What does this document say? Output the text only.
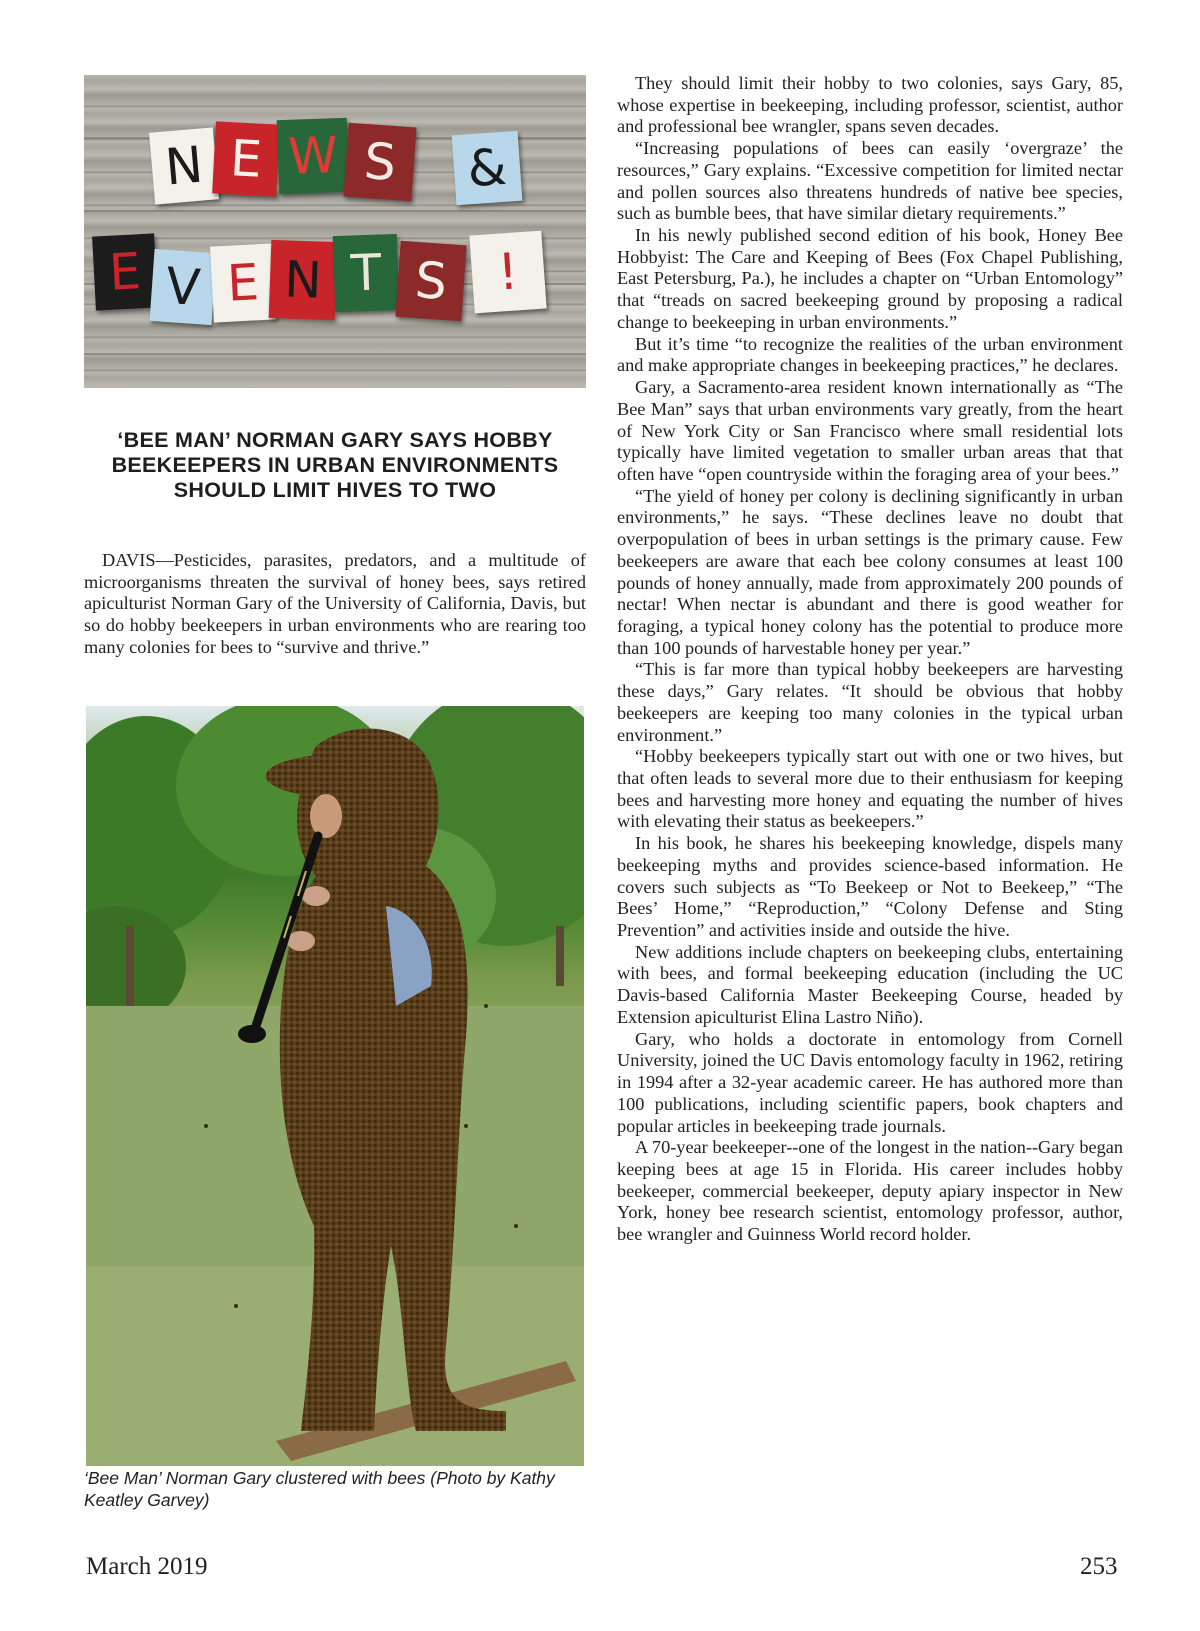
N E W S	&
E V E N T S !
‘BEE MAN’ NORMAN GARY SAYS HOBBY BEEKEEPERS IN URBAN ENVIRONMENTS SHOULD LIMIT HIVES TO TWO

DAVIS—Pesticides, parasites, predators, and a multitude of microorganisms threaten the survival of honey bees, says retired apiculturist Norman Gary of the University of California, Davis, but so do hobby beekeepers in urban environments who are rearing too many colonies for bees to “survive and thrive.”

‘Bee Man’ Norman Gary clustered with bees (Photo by Kathy Keatley Garvey)

They should limit their hobby to two colonies, says Gary, 85, whose expertise in beekeeping, including professor, scientist, author and professional bee wrangler, spans seven decades.

“Increasing populations of bees can easily ‘overgraze’ the resources,” Gary explains. “Excessive competition for limited nectar and pollen sources also threatens hundreds of native bee species, such as bumble bees, that have similar dietary requirements.”

In his newly published second edition of his book, Honey Bee Hobbyist: The Care and Keeping of Bees (Fox Chapel Publishing, East Petersburg, Pa.), he includes a chapter on “Urban Entomology” that “treads on sacred beekeeping ground by proposing a radical change to beekeeping in urban environments.”

But it’s time “to recognize the realities of the urban environment and make appropriate changes in beekeeping practices,” he declares.

Gary, a Sacramento-area resident known internationally as “The Bee Man” says that urban environments vary greatly, from the heart of New York City or San Francisco where small residential lots typically have limited vegetation to smaller urban areas that that often have “open countryside within the foraging area of your bees.”

“The yield of honey per colony is declining significantly in urban environments,” he says. “These declines leave no doubt that overpopulation of bees in urban settings is the primary cause. Few beekeepers are aware that each bee colony consumes at least 100 pounds of honey annually, made from approximately 200 pounds of nectar! When nectar is abundant and there is good weather for foraging, a typical honey colony has the potential to produce more than 100 pounds of harvestable honey per year.”

“This is far more than typical hobby beekeepers are harvesting these days,” Gary relates. “It should be obvious that hobby beekeepers are keeping too many colonies in the typical urban environment.”

“Hobby beekeepers typically start out with one or two hives, but that often leads to several more due to their enthusiasm for keeping bees and harvesting more honey and equating the number of hives with elevating their status as beekeepers.”

In his book, he shares his beekeeping knowledge, dispels many beekeeping myths and provides science-based information. He covers such subjects as “To Beekeep or Not to Beekeep,” “The Bees’ Home,” “Reproduction,” “Colony Defense and Sting Prevention” and activities inside and outside the hive.

New additions include chapters on beekeeping clubs, entertaining with bees, and formal beekeeping education (including the UC Davis-based California Master Beekeeping Course, headed by Extension apiculturist Elina Lastro Niño).

Gary, who holds a doctorate in entomology from Cornell University, joined the UC Davis entomology faculty in 1962, retiring in 1994 after a 32-year academic career. He has authored more than 100 publications, including scientific papers, book chapters and popular articles in beekeeping trade journals.

A 70-year beekeeper--one of the longest in the nation--Gary began keeping bees at age 15 in Florida. His career includes hobby beekeeper, commercial beekeeper, deputy apiary inspector in New York, honey bee research scientist, entomology professor, author, bee wrangler and Guinness World record holder.

March 2019	253
